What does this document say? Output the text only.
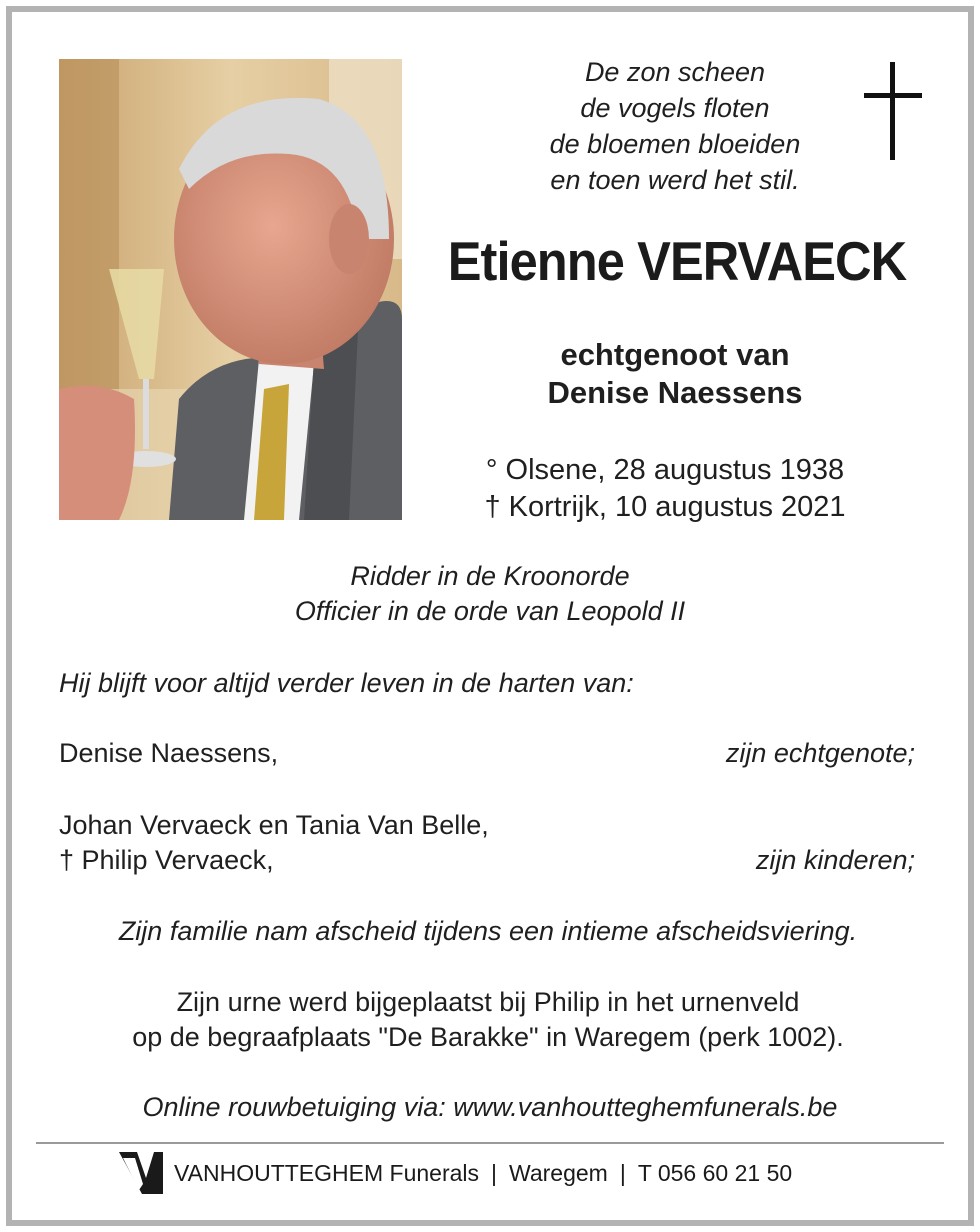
De zon scheen
de vogels floten
de bloemen bloeiden
en toen werd het stil.
Etienne VERVAECK
echtgenoot van
Denise Naessens
° Olsene, 28 augustus 1938
† Kortrijk, 10 augustus 2021
Ridder in de Kroonorde
Officier in de orde van Leopold II
Hij blijft voor altijd verder leven in de harten van:
Denise Naessens,	zijn echtgenote;
Johan Vervaeck en Tania Van Belle,
† Philip Vervaeck,	zijn kinderen;
Zijn familie nam afscheid tijdens een intieme afscheidsviering.
Zijn urne werd bijgeplaatst bij Philip in het urnenveld
op de begraafplaats "De Barakke" in Waregem (perk 1002).
Online rouwbetuiging via: www.vanhoutteghemfunerals.be
VANHOUTTEGHEM Funerals | Waregem | T 056 60 21 50
